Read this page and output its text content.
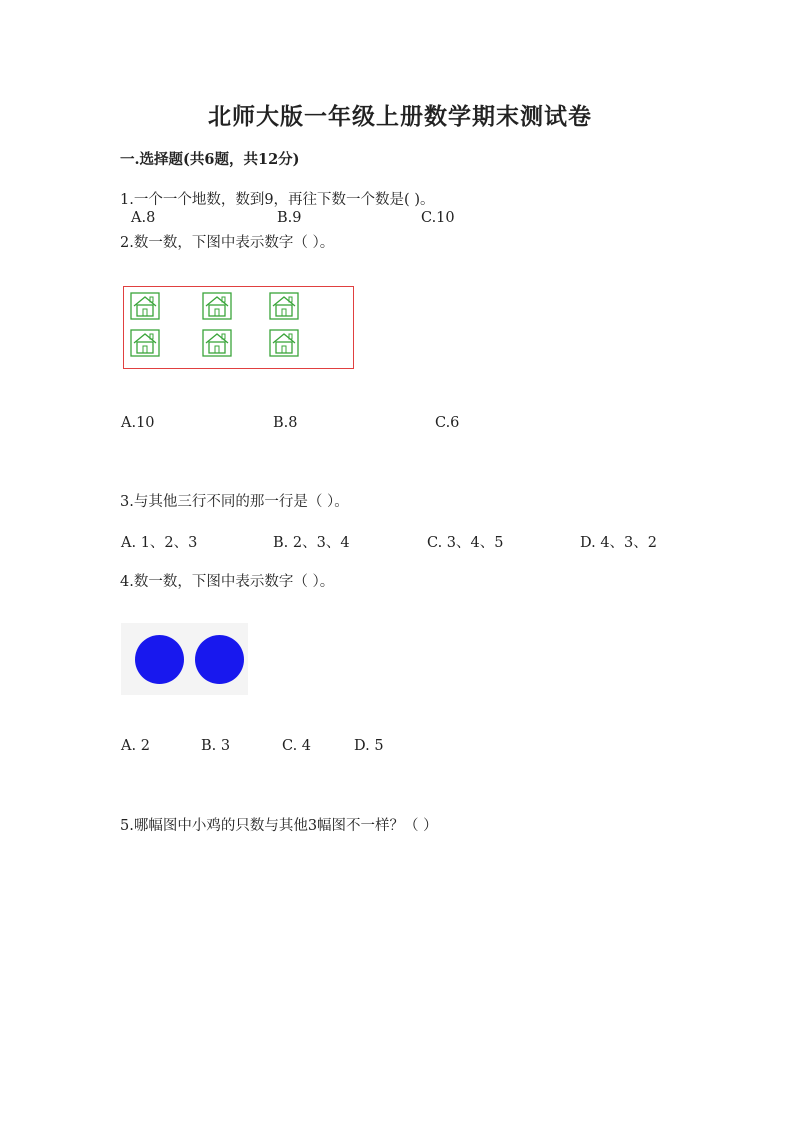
北师大版一年级上册数学期末测试卷
一.选择题(共6题，共12分)
1.一个一个地数，数到9，再往下数一个数是( )。
A.8	B.9	C.10
2.数一数，下图中表示数字（ ）。
A.10	B.8	C.6
3.与其他三行不同的那一行是（ ）。
A. 1、2、3	B. 2、3、4	C. 3、4、5	D. 4、3、2
4.数一数，下图中表示数字（ ）。
A. 2	B. 3	C. 4	D. 5
5.哪幅图中小鸡的只数与其他3幅图不一样？（ ）
